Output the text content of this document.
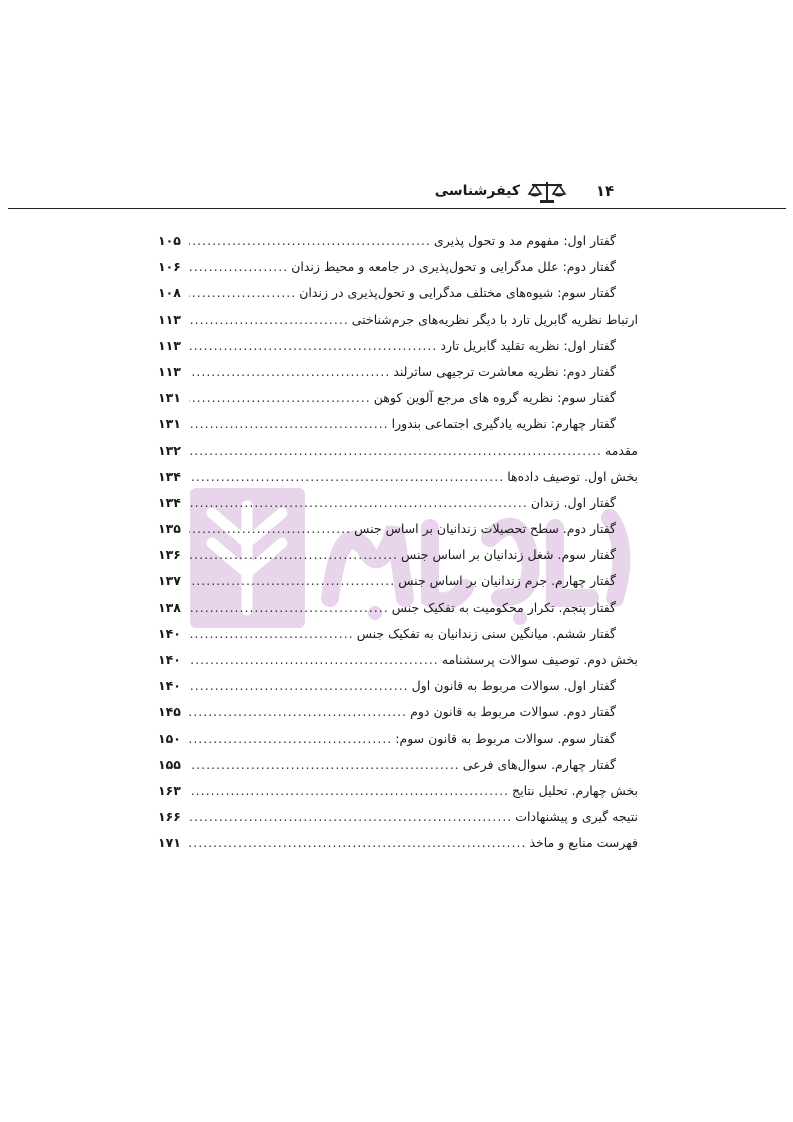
۱۴
کیفرشناسی
گفتار اول: مفهوم مد و تحول پذیری
.....
۱۰۵
گفتار دوم: علل مدگرایی و تحول‌پذیری در جامعه و محیط زندان
.....
۱۰۶
گفتار سوم: شیوه‌های مختلف مدگرایی و تحول‌پذیری در زندان
.....
۱۰۸
ارتباط نظریه گابریل تارد با دیگر نظریه‌های جرم‌شناختی
.....
۱۱۳
گفتار اول: نظریه تقلید گابریل تارد
.....
۱۱۳
گفتار دوم: نظریه معاشرت ترجیهی ساترلند
.....
۱۱۳
گفتار سوم: نظریه گروه های مرجع آلوین کوهن
.....
۱۳۱
گفتار چهارم: نظریه یادگیری اجتماعی بندورا
.....
۱۳۱
مقدمه
.....
۱۳۲
بخش اول. توصیف داده‌ها
.....
۱۳۴
گفتار اول. زندان
.....
۱۳۴
گفتار دوم. سطح تحصیلات زندانیان بر اساس جنس
.....
۱۳۵
گفتار سوم. شغل زندانیان بر اساس جنس
.....
۱۳۶
گفتار چهارم. جرم زندانیان بر اساس جنس
.....
۱۳۷
گفتار پنجم. تکرار محکومیت به تفکیک جنس
.....
۱۳۸
گفتار ششم. میانگین سنی زندانیان به تفکیک جنس
.....
۱۴۰
بخش دوم. توصیف سوالات پرسشنامه
.....
۱۴۰
گفتار اول. سوالات مربوط به قانون اول
.....
۱۴۰
گفتار دوم. سوالات مربوط به قانون دوم
.....
۱۴۵
گفتار سوم. سوالات مربوط به قانون سوم:
.....
۱۵۰
گفتار چهارم. سوال‌های فرعی
.....
۱۵۵
بخش چهارم. تحلیل نتایج
.....
۱۶۳
نتیجه گیری و پیشنهادات
.....
۱۶۶
فهرست منابع و ماخذ
.....
۱۷۱
